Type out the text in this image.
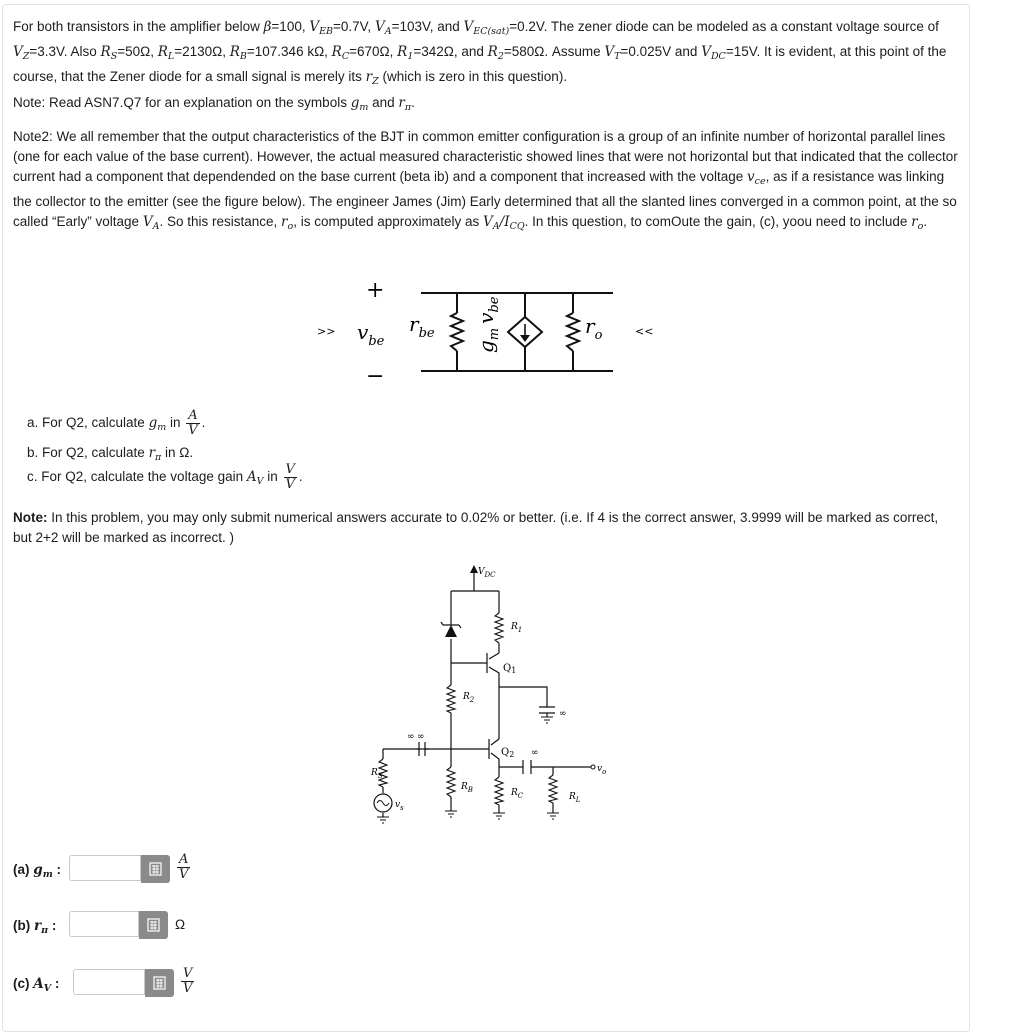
For both transistors in the amplifier below β=100, $V_{EB}=0.7V$, $V_A=103V$, and $V_{EC(sat)}=0.2V$. The zener diode can be modeled as a constant voltage source of $V_Z=3.3V$. Also $R_S=50\Omega$, $R_L=2130\Omega$, $R_B=107.346$ kΩ, $R_C=670\Omega$, $R_1=342\Omega$, and $R_2=580\Omega$. Assume $V_T=0.025V$ and $V_{DC}=15V$. It is evident, at this point of the course, that the Zener diode for a small signal is merely its $r_Z$ (which is zero in this question).

Note: Read ASN7.Q7 for an explanation on the symbols $g_m$ and $r_\pi$.

Note2: We all remember that the output characteristics of the BJT in common emitter configuration is a group of an infinite number of horizontal parallel lines (one for each value of the base current). However, the actual measured characteristic showed lines that were not horizontal but that indicated that the collector current had a component that dependended on the base current (beta ib) and a component that increased with the voltage $v_{ce}$, as if a resistance was linking the collector to the emitter (see the figure below). The engineer James (Jim) Early determined that all the slanted lines converged in a common point, at the so called “Early” voltage $V_A$. So this resistance, $r_o$, is computed approximately as $V_A/I_{CQ}$. In this question, to comOute the gain, (c), yoou need to include $r_o$.

>>	<<
+
−
$v_{be}$
$r_{be}$
$g_mv_{be}$
$r_o$
a. For Q2, calculate $g_m$ in $\frac{A}{V}$ .
b. For Q2, calculate $r_\pi$ in Ω.
c. For Q2, calculate the voltage gain $A_V$ in $\frac{V}{V}$ .

Note: In this problem, you may only submit numerical answers accurate to 0.02% or better. (i.e. If 4 is the correct answer, 3.9999 will be marked as correct, but 2+2 will be marked as incorrect. )

$V_{DC}$
$R_1$
$Q_1$
$R_2$
∞
∞
∞
$Q_2$ ∞
$v_o$
$R_S$
$v_s$
$R_B$	$R_C$	$R_L$
(a) $g_m$ :	$\frac{A}{V}$
(b) $r_\pi$ :	Ω
(c) $A_V$ :	$\frac{V}{V}$
